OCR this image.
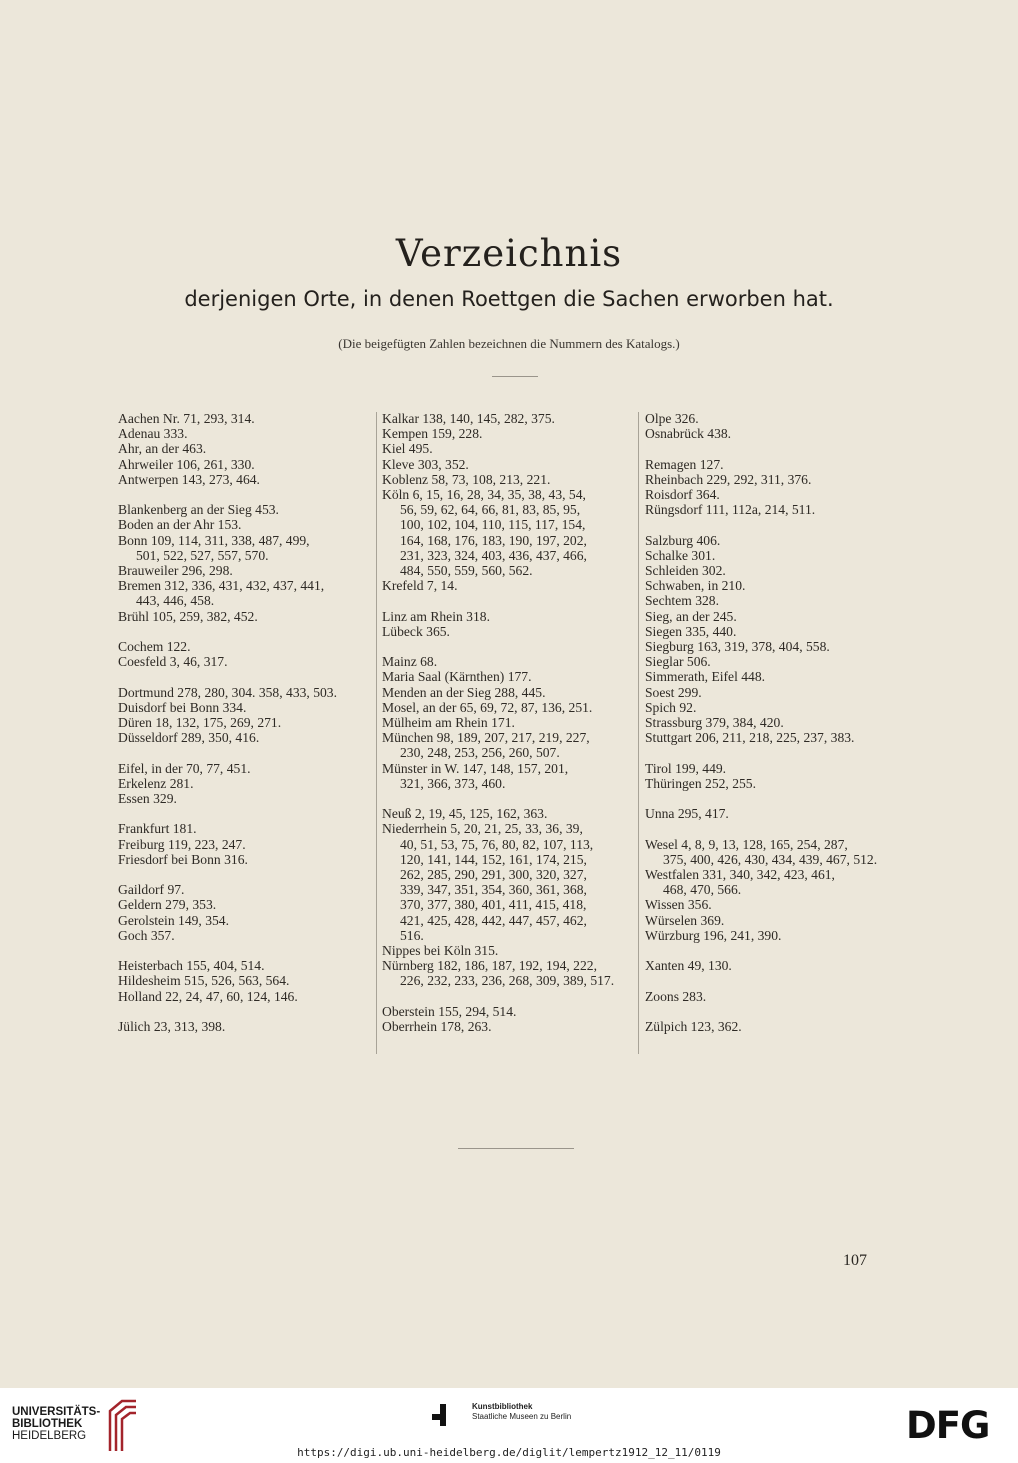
Verzeichnis
derjenigen Orte, in denen Roettgen die Sachen erworben hat.
(Die beigefügten Zahlen bezeichnen die Nummern des Katalogs.)
Aachen Nr. 71, 293, 314.
Adenau 333.
Ahr, an der 463.
Ahrweiler 106, 261, 330.
Antwerpen 143, 273, 464.
Blankenberg an der Sieg 453.
Boden an der Ahr 153.
Bonn 109, 114, 311, 338, 487, 499,
501, 522, 527, 557, 570.
Brauweiler 296, 298.
Bremen 312, 336, 431, 432, 437, 441,
443, 446, 458.
Brühl 105, 259, 382, 452.
Cochem 122.
Coesfeld 3, 46, 317.
Dortmund 278, 280, 304. 358, 433, 503.
Duisdorf bei Bonn 334.
Düren 18, 132, 175, 269, 271.
Düsseldorf 289, 350, 416.
Eifel, in der 70, 77, 451.
Erkelenz 281.
Essen 329.
Frankfurt 181.
Freiburg 119, 223, 247.
Friesdorf bei Bonn 316.
Gaildorf 97.
Geldern 279, 353.
Gerolstein 149, 354.
Goch 357.
Heisterbach 155, 404, 514.
Hildesheim 515, 526, 563, 564.
Holland 22, 24, 47, 60, 124, 146.
Jülich 23, 313, 398.
Kalkar 138, 140, 145, 282, 375.
Kempen 159, 228.
Kiel 495.
Kleve 303, 352.
Koblenz 58, 73, 108, 213, 221.
Köln 6, 15, 16, 28, 34, 35, 38, 43, 54,
56, 59, 62, 64, 66, 81, 83, 85, 95,
100, 102, 104, 110, 115, 117, 154,
164, 168, 176, 183, 190, 197, 202,
231, 323, 324, 403, 436, 437, 466,
484, 550, 559, 560, 562.
Krefeld 7, 14.
Linz am Rhein 318.
Lübeck 365.
Mainz 68.
Maria Saal (Kärnthen) 177.
Menden an der Sieg 288, 445.
Mosel, an der 65, 69, 72, 87, 136, 251.
Mülheim am Rhein 171.
München 98, 189, 207, 217, 219, 227,
230, 248, 253, 256, 260, 507.
Münster in W. 147, 148, 157, 201,
321, 366, 373, 460.
Neuß 2, 19, 45, 125, 162, 363.
Niederrhein 5, 20, 21, 25, 33, 36, 39,
40, 51, 53, 75, 76, 80, 82, 107, 113,
120, 141, 144, 152, 161, 174, 215,
262, 285, 290, 291, 300, 320, 327,
339, 347, 351, 354, 360, 361, 368,
370, 377, 380, 401, 411, 415, 418,
421, 425, 428, 442, 447, 457, 462,
516.
Nippes bei Köln 315.
Nürnberg 182, 186, 187, 192, 194, 222,
226, 232, 233, 236, 268, 309, 389, 517.
Oberstein 155, 294, 514.
Oberrhein 178, 263.
Olpe 326.
Osnabrück 438.
Remagen 127.
Rheinbach 229, 292, 311, 376.
Roisdorf 364.
Rüngsdorf 111, 112a, 214, 511.
Salzburg 406.
Schalke 301.
Schleiden 302.
Schwaben, in 210.
Sechtem 328.
Sieg, an der 245.
Siegen 335, 440.
Siegburg 163, 319, 378, 404, 558.
Sieglar 506.
Simmerath, Eifel 448.
Soest 299.
Spich 92.
Strassburg 379, 384, 420.
Stuttgart 206, 211, 218, 225, 237, 383.
Tirol 199, 449.
Thüringen 252, 255.
Unna 295, 417.
Wesel 4, 8, 9, 13, 128, 165, 254, 287,
375, 400, 426, 430, 434, 439, 467, 512.
Westfalen 331, 340, 342, 423, 461,
468, 470, 566.
Wissen 356.
Würselen 369.
Würzburg 196, 241, 390.
Xanten 49, 130.
Zoons 283.
Zülpich 123, 362.
107
UNIVERSITÄTS-
BIBLIOTHEK
HEIDELBERG
Kunstbibliothek
Staatliche Museen zu Berlin	DFG
https://digi.ub.uni-heidelberg.de/diglit/lempertz1912_12_11/0119
